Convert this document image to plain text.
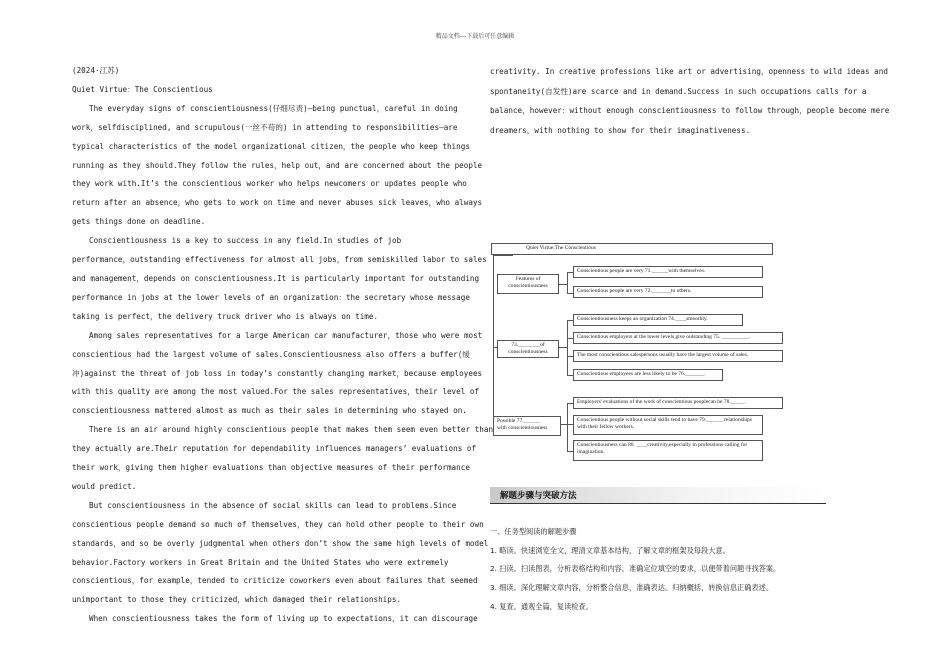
精品文档---下载后可任意编辑
(2024·江苏)
Quiet Virtue：The Conscientious
The everyday signs of conscientiousness(仔细尽责)—being punctual，careful in doing
work，selfdisciplined, and scrupulous(一丝不苟的) in attending to responsibilities—are
typical characteristics of the model organizational citizen，the people who keep things
running as they should.They follow the rules，help out，and are concerned about the people
they work with.It’s the conscientious worker who helps newcomers or updates people who
return after an absence，who gets to work on time and never abuses sick leaves，who always
gets things done on deadline.
Conscientiousness is a key to success in any field.In studies of job
performance，outstanding effectiveness for almost all jobs，from semiskilled labor to sales
and management，depends on conscientiousness.It is particularly important for outstanding
performance in jobs at the lower levels of an organization：the secretary whose message
taking is perfect，the delivery truck driver who is always on time.
Among sales representatives for a large American car manufacturer，those who were most
conscientious had the largest volume of sales.Conscientiousness also offers a buffer(缓
冲)against the threat of job loss in today’s constantly changing market，because employees
with this quality are among the most valued.For the sales representatives，their level of
conscientiousness mattered almost as much as their sales in determining who stayed on.
There is an air around highly conscientious people that makes them seem even better than
they actually are.Their reputation for dependability influences managers’ evaluations of
their work，giving them higher evaluations than objective measures of their performance
would predict.
But conscientiousness in the absence of social skills can lead to problems.Since
conscientious people demand so much of themselves，they can hold other people to their own
standards，and so be overly judgmental when others don’t show the same high levels of model
behavior.Factory workers in Great Britain and the United States who were extremely
conscientious，for example，tended to criticize coworkers even about failures that seemed
unimportant to those they criticized，which damaged their relationships.
When conscientiousness takes the form of living up to expectations，it can discourage
creativity. In creative professions like art or advertising，openness to wild ideas and
spontaneity(自发性)are scarce and in demand.Success in such occupations calls for a
balance，however：without enough conscientiousness to follow through，people become mere
dreamers，with nothing to show for their imaginativeness.
Quiet Virtue:The Conscientious
Features of
conscientiousness
Conscientious people are very 71.______with themselves.
Conscientious people are very 72._______to others.
73.________of
conscientiousness
Conscientiousness keeps an organization 74.____smoothly.
Conscientious employers at the lower levels give outstanding 75. __________.
The most conscientious salespersons usually have the largest volume of sales.
Conscientious employees are less likely to be 76._______.
Possible 77.______
with conscientiousness
Employers' evaluations of the work of conscientious peoplecan be 78._____.
Conscientious people without social skills tend to have 79.______ relationships with their fellow workers.
Conscientiousness can 80. ____creativity,especially in professions calling for imagination.
解题步骤与突破方法
一、任务型阅读的解题步骤
1. 略读。快速浏览全文，理清文章基本结构，了解文章的框架及每段大意。
2. 扫读。扫读图表，分析表格结构和内容，准确定位填空的要求，以便带着问题寻找答案。
3. 细读。深化理解文章内容，分析整合信息，准确表达。归纳概括，转换信息正确表述。
4. 复查。通观全篇，复读检查。
